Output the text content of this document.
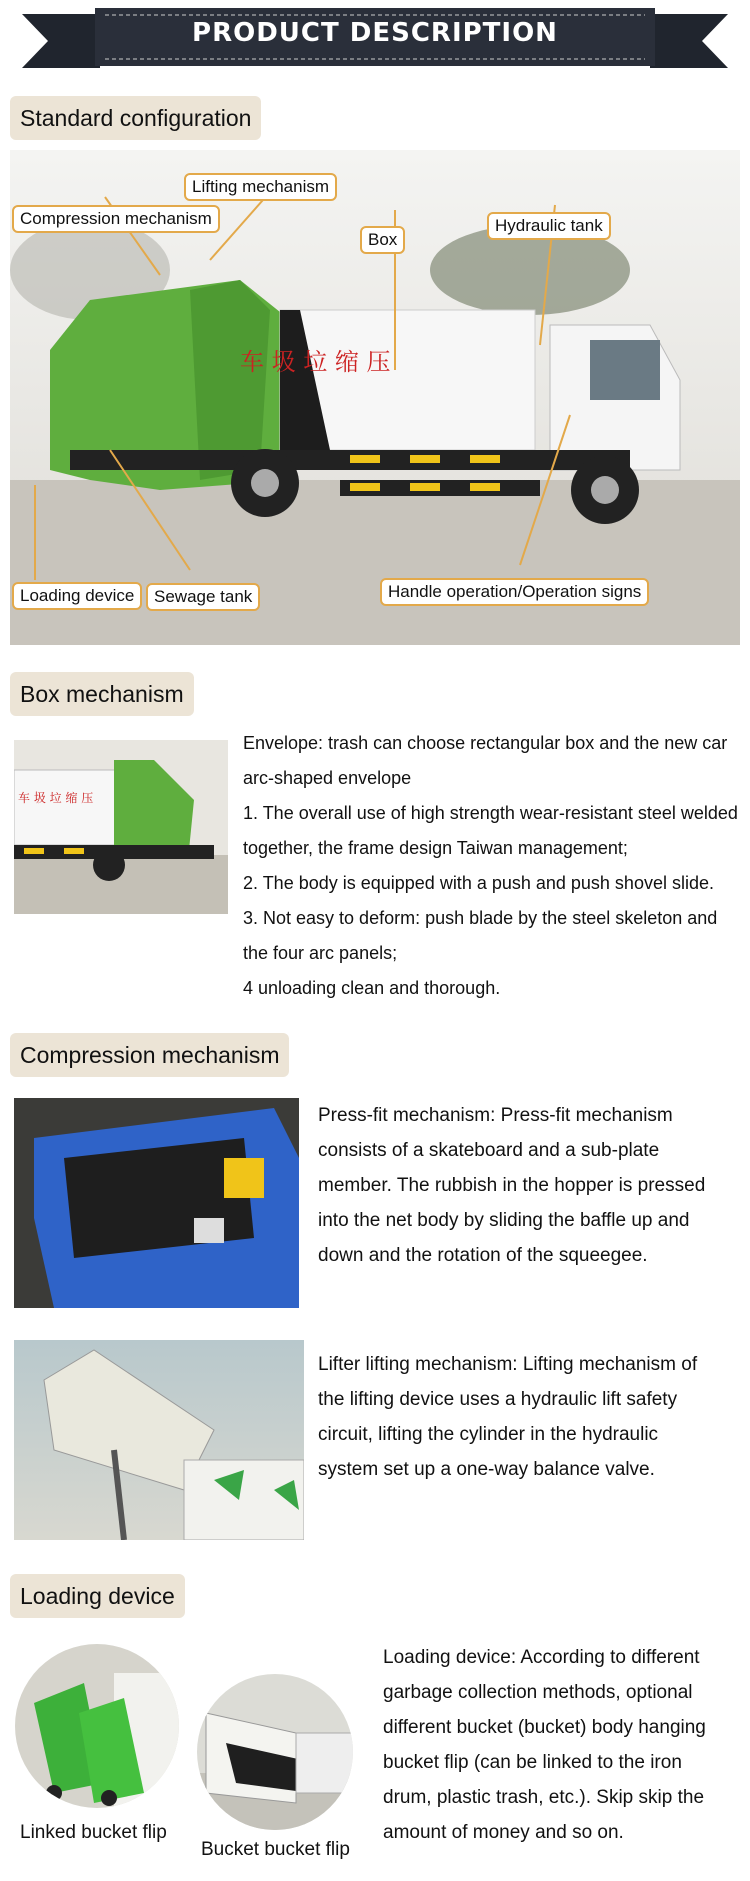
PRODUCT DESCRIPTION
Standard configuration
车 圾 垃 缩 压
Lifting mechanism
Compression mechanism
Box
Hydraulic tank
Loading device	Sewage tank	Handle operation/Operation signs
Box mechanism
车 圾 垃 缩 压
Envelope: trash can choose rectangular box and the new car
arc-shaped envelope
1. The overall use of high strength wear-resistant steel welded
together, the frame design Taiwan management;
2. The body is equipped with a push and push shovel slide.
3. Not easy to deform: push blade by the steel skeleton and
the four arc panels;
4 unloading clean and thorough.
Compression mechanism
Press-fit mechanism: Press-fit mechanism
consists of a skateboard and a sub-plate
member. The rubbish in the hopper is pressed
into the net body by sliding the baffle up and
down and the rotation of the squeegee.
Lifter lifting mechanism: Lifting mechanism of
the lifting device uses a hydraulic lift safety
circuit, lifting the cylinder in the hydraulic
system set up a one-way balance valve.
Loading device
Linked bucket flip
Bucket bucket flip
Loading device: According to different
garbage collection methods, optional
different bucket (bucket) body hanging
bucket flip (can be linked to the iron
drum, plastic trash, etc.). Skip skip the
amount of money and so on.
